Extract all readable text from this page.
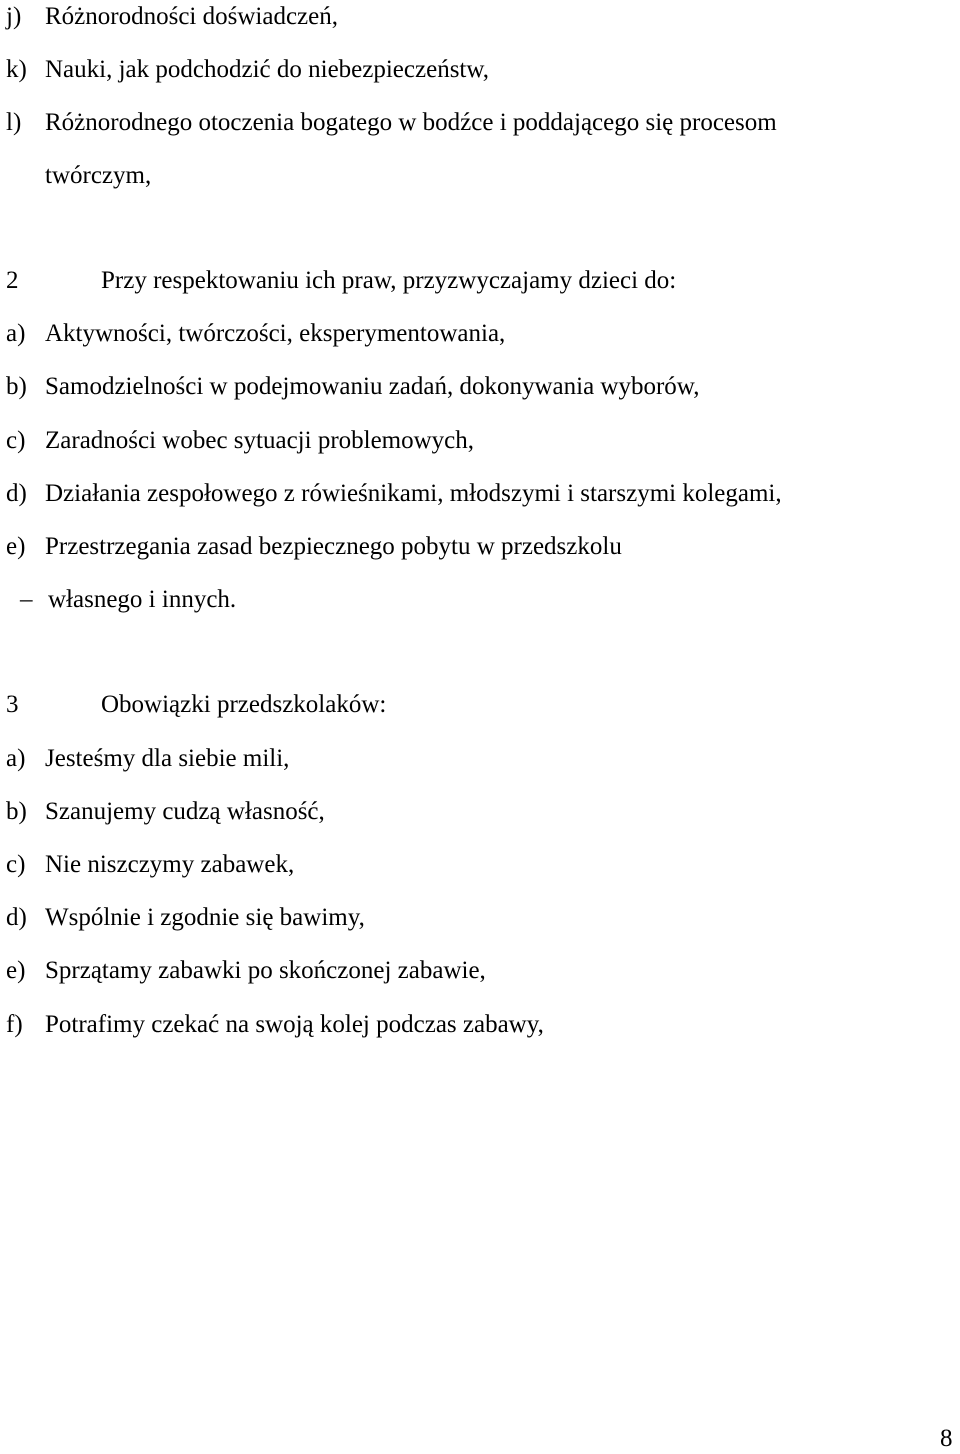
j) Różnorodności doświadczeń,
k) Nauki, jak podchodzić do niebezpieczeństw,
l) Różnorodnego otoczenia bogatego w bodźce i poddającego się procesom
twórczym,
2	Przy respektowaniu ich praw, przyzwyczajamy dzieci do:
a) Aktywności, twórczości, eksperymentowania,
b) Samodzielności w podejmowaniu zadań, dokonywania wyborów,
c) Zaradności wobec sytuacji problemowych,
d) Działania zespołowego z rówieśnikami, młodszymi i starszymi kolegami,
e) Przestrzegania zasad bezpiecznego pobytu w przedszkolu
– własnego i innych.
3	Obowiązki przedszkolaków:
a) Jesteśmy dla siebie mili,
b) Szanujemy cudzą własność,
c) Nie niszczymy zabawek,
d) Wspólnie i zgodnie się bawimy,
e) Sprzątamy zabawki po skończonej zabawie,
f) Potrafimy czekać na swoją kolej podczas zabawy,
8
